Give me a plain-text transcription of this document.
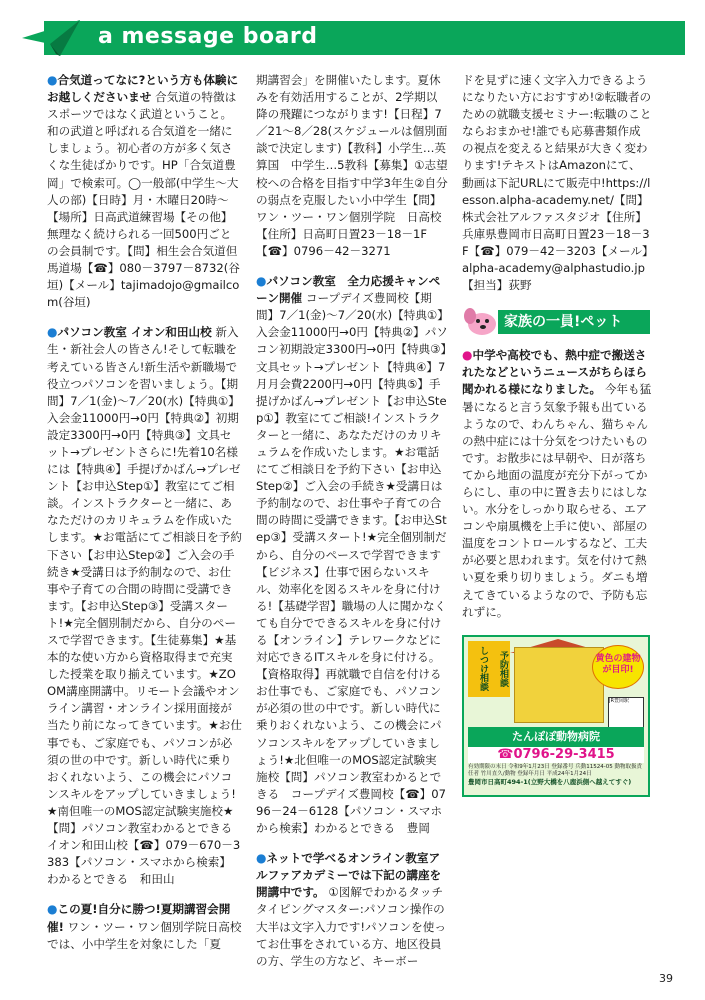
a message board
●合気道ってなに?という方も体験にお越しくださいませ 合気道の特徴はスポーツではなく武道ということ。和の武道と呼ばれる合気道を一緒にしましょう。初心者の方が多く気さくな生徒ばかりです。HP「合気道豊岡」で検索可。◯一般部(中学生～大人の部)【日時】月・木曜日20時～【場所】日高武道練習場【その他】無理なく続けられる一回500円ごとの会員制です。【問】相生会合気道但馬道場【☎】080－3797－8732(谷垣)【メール】tajimadojo@gmailcom(谷垣)
●パソコン教室 イオン和田山校 新入生・新社会人の皆さん!そして転職を考えている皆さん!新生活や新職場で役立つパソコンを習いましょう。【期間】7／1(金)～7／20(水)【特典①】入会金11000円→0円【特典②】初期設定3300円→0円【特典③】文具セット→プレゼントさらに!先着10名様には【特典④】手提げかばん→プレゼント【お申込Step①】教室にてご相談。インストラクターと一緒に、あなただけのカリキュラムを作成いたします。★お電話にてご相談日を予約下さい【お申込Step②】ご入会の手続き★受講日は予約制なので、お仕事や子育ての合間の時間に受講できます。【お申込Step③】受講スタート!★完全個別制だから、自分のペースで学習できます。【生徒募集】★基本的な使い方から資格取得まで充実した授業を取り揃えています。★ZOOM講座開講中。リモート会議やオンライン講習・オンライン採用面接が当たり前になってきています。★お仕事でも、ご家庭でも、パソコンが必須の世の中です。新しい時代に乗りおくれないよう、この機会にパソコンスキルをアップしていきましょう!★南但唯一のMOS認定試験実施校★【問】パソコン教室わかるとできる　イオン和田山校【☎】079－670－3383【パソコン・スマホから検索】わかるとできる　和田山
●この夏!自分に勝つ!夏期講習会開催! ワン・ツー・ワン個別学院日高校では、小中学生を対象にした「夏
期講習会」を開催いたします。夏休みを有効活用することが、2学期以降の飛躍につながります!【日程】7／21～8／28(スケジュールは個別面談で決定します)【教科】小学生…英算国　中学生…5教科【募集】①志望校への合格を目指す中学3年生②自分の弱点を克服したい小中学生【問】ワン・ツー・ワン個別学院　日高校【住所】日高町日置23－18－1F【☎】0796－42－3271
●パソコン教室　全力応援キャンペーン開催 コープデイズ豊岡校【期間】7／1(金)～7／20(水)【特典①】入会金11000円→0円【特典②】パソコン初期設定3300円→0円【特典③】文具セット→プレゼント【特典④】7月月会費2200円→0円【特典⑤】手提げかばん→プレゼント【お申込Step①】教室にてご相談!インストラクターと一緒に、あなただけのカリキュラムを作成いたします。★お電話にてご相談日を予約下さい【お申込Step②】ご入会の手続き★受講日は予約制なので、お仕事や子育ての合間の時間に受講できます。【お申込Step③】受講スタート!★完全個別制だから、自分のペースで学習できます【ビジネス】仕事で困らないスキル、効率化を図るスキルを身に付ける!【基礎学習】職場の人に聞かなくても自分でできるスキルを身に付ける【オンライン】テレワークなどに対応できるITスキルを身に付ける。【資格取得】再就職で自信を付ける　お仕事でも、ご家庭でも、パソコンが必須の世の中です。新しい時代に乗りおくれないよう、この機会にパソコンスキルをアップしていきましょう!★北但唯一のMOS認定試験実施校【問】パソコン教室わかるとできる　コープデイズ豊岡校【☎】0796－24－6128【パソコン・スマホから検索】わかるとできる　豊岡
●ネットで学べるオンライン教室アルファアカデミーでは下記の講座を開講中です。 ①図解でわかるタッチタイピングマスター:パソコン操作の大半は文字入力です!パソコンを使ってお仕事をされている方、地区役員の方、学生の方など、キーボー
ドを見ずに速く文字入力できるようになりたい方におすすめ!②転職者のための就職支援セミナー:転職のことならおまかせ!誰でも応募書類作成の視点を変えると結果が大きく変わります!テキストはAmazonにて、動画は下記URLにて販売中!https://lesson.alpha-academy.net/【問】株式会社アルファスタジオ【住所】兵庫県豊岡市日高町日置23－18－3F【☎】079－42－3203【メール】alpha-academy@alphastudio.jp【担当】荻野
家族の一員!ペット
●中学や高校でも、熱中症で搬送されたなどというニュースがちらほら聞かれる様になりました。 今年も猛暑になると言う気象予報も出ているようなので、わんちゃん、猫ちゃんの熱中症には十分気をつけたいものです。お散歩には早朝や、日が落ちてから地面の温度が充分下がってからにし、車の中に置き去りにはしない。水分をしっかり取らせる、エアコンや扇風機を上手に使い、部屋の温度をコントロールするなど、工夫が必要と思われます。気を付けて熱い夏を乗り切りましょう。ダニも増えてきているようなので、予防も忘れずに。
しつけ相談	予防相談	黄色の建物が目印!
JR豊岡駅
たんぽぽ動物病院
☎0796-29-3415
有効期限の末日 令和9年1月23日 登録番号 兵動11524-05 動物取扱責任者 竹川直久/動物 登録年月日 平成24年1月24日
豊岡市日高町494-1(立野大橋を八鹿浜側へ越えてすぐ)
39
